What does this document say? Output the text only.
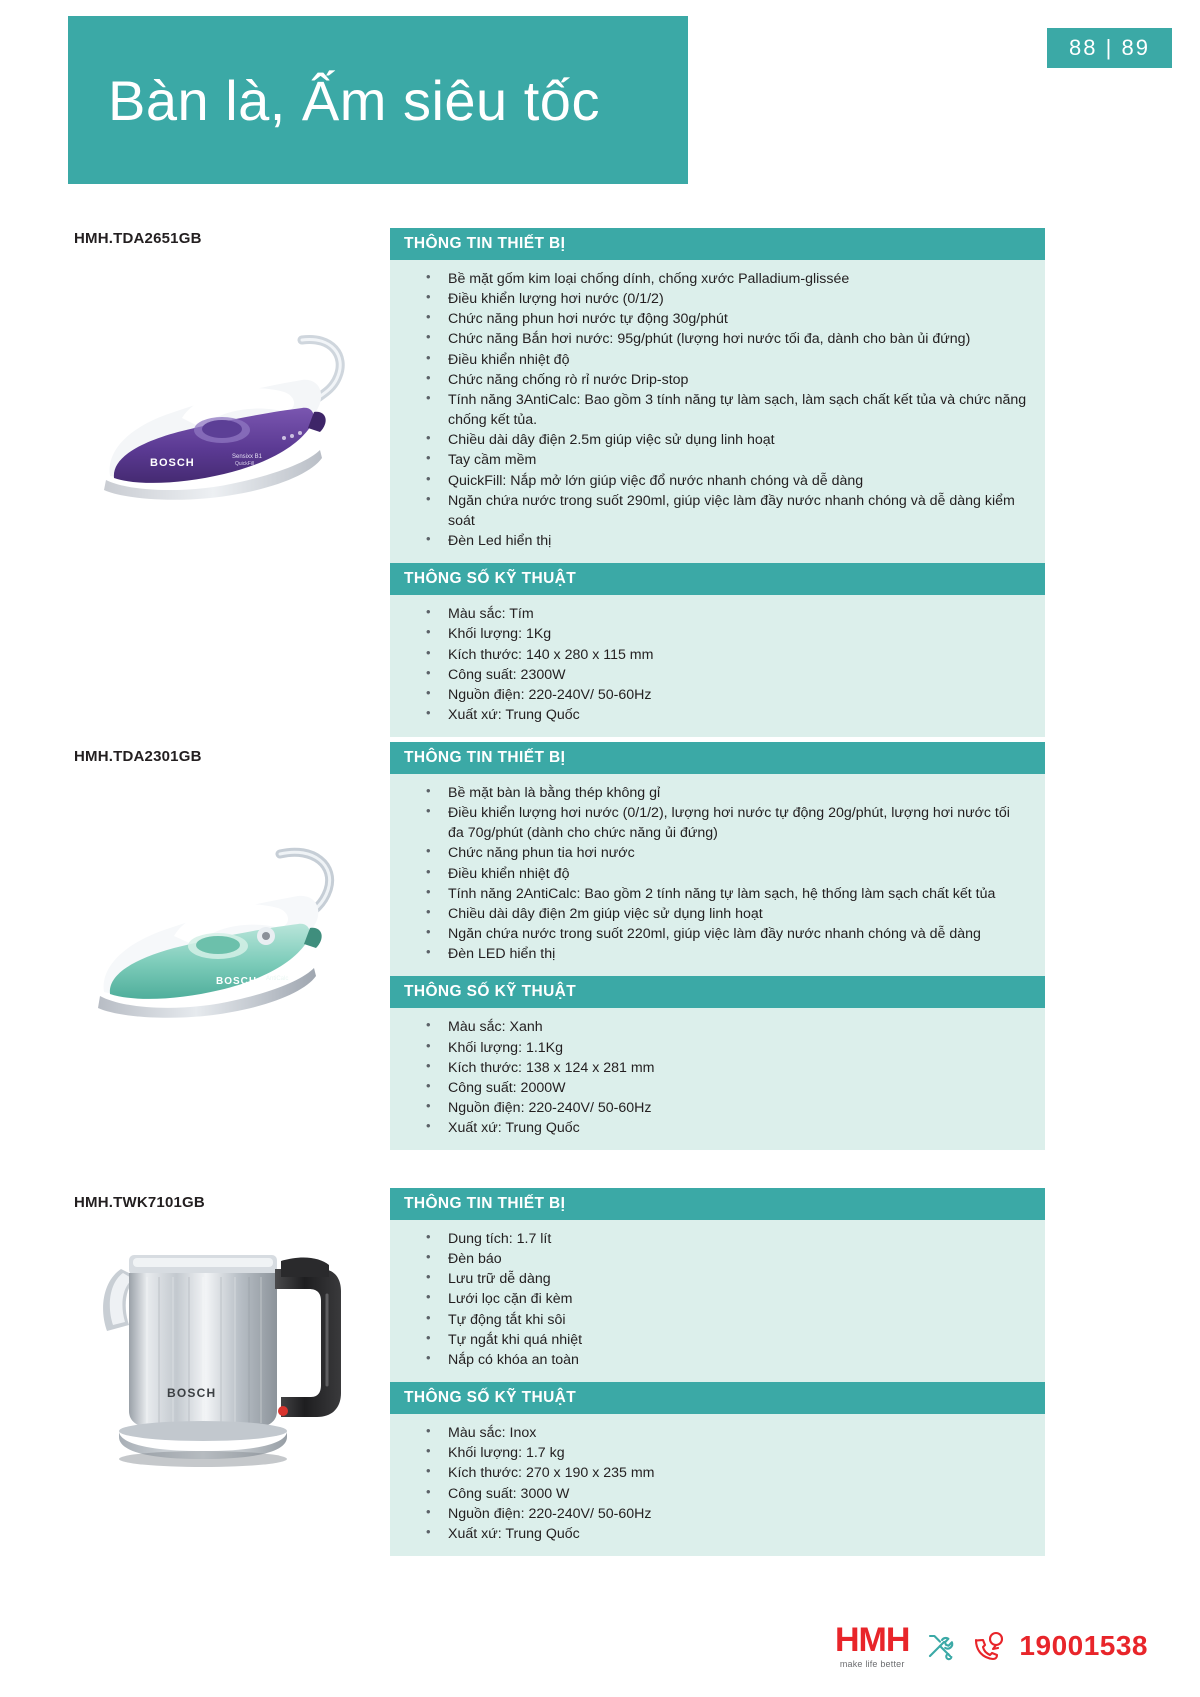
Bàn là, Ấm siêu tốc
88 | 89
HMH.TDA2651GB
BOSCH	Sensixx B1
QuickFill
THÔNG TIN THIẾT BỊ
• Bề mặt gốm kim loại chống dính, chống xước Palladium-glissée
• Điều khiển lượng hơi nước (0/1/2)
• Chức năng phun hơi nước tự động 30g/phút
• Chức năng Bắn hơi nước: 95g/phút (lượng hơi nước tối đa, dành cho bàn ủi đứng)
• Điều khiển nhiệt độ
• Chức năng chống rò rỉ nước Drip-stop
• Tính năng 3AntiCalc: Bao gồm 3 tính năng tự làm sạch, làm sạch chất kết tủa và chức năng chống kết tủa.
• Chiều dài dây điện 2.5m giúp việc sử dụng linh hoạt
• Tay cầm mềm
• QuickFill: Nắp mở lớn giúp việc đổ nước nhanh chóng và dễ dàng
• Ngăn chứa nước trong suốt 290ml, giúp việc làm đầy nước nhanh chóng và dễ dàng kiểm soát
• Đèn Led hiển thị
THÔNG SỐ KỸ THUẬT
• Màu sắc: Tím
• Khối lượng: 1Kg
• Kích thước: 140 x 280 x 115 mm
• Công suất: 2300W
• Nguồn điện: 220-240V/ 50-60Hz
• Xuất xứ: Trung Quốc
HMH.TDA2301GB
BOSCH AntiCalc
THÔNG TIN THIẾT BỊ
• Bề mặt bàn là bằng thép không gỉ
• Điều khiển lượng hơi nước (0/1/2), lượng hơi nước tự động 20g/phút, lượng hơi nước tối đa 70g/phút (dành cho chức năng ủi đứng)
• Chức năng phun tia hơi nước
• Điều khiển nhiệt độ
• Tính năng 2AntiCalc: Bao gồm 2 tính năng tự làm sạch, hệ thống làm sạch chất kết tủa
• Chiều dài dây điện 2m giúp việc sử dụng linh hoạt
• Ngăn chứa nước trong suốt 220ml, giúp việc làm đầy nước nhanh chóng và dễ dàng
• Đèn LED hiển thị
THÔNG SỐ KỸ THUẬT
• Màu sắc: Xanh
• Khối lượng: 1.1Kg
• Kích thước: 138 x 124 x 281 mm
• Công suất: 2000W
• Nguồn điện: 220-240V/ 50-60Hz
• Xuất xứ: Trung Quốc
HMH.TWK7101GB
BOSCH
THÔNG TIN THIẾT BỊ
• Dung tích: 1.7 lít
• Đèn báo
• Lưu trữ dễ dàng
• Lưới lọc cặn đi kèm
• Tự động tắt khi sôi
• Tự ngắt khi quá nhiệt
• Nắp có khóa an toàn
THÔNG SỐ KỸ THUẬT
• Màu sắc: Inox
• Khối lượng: 1.7 kg
• Kích thước: 270 x 190 x 235 mm
• Công suất: 3000 W
• Nguồn điện: 220-240V/ 50-60Hz
• Xuất xứ: Trung Quốc
HMH
make life better
19001538
